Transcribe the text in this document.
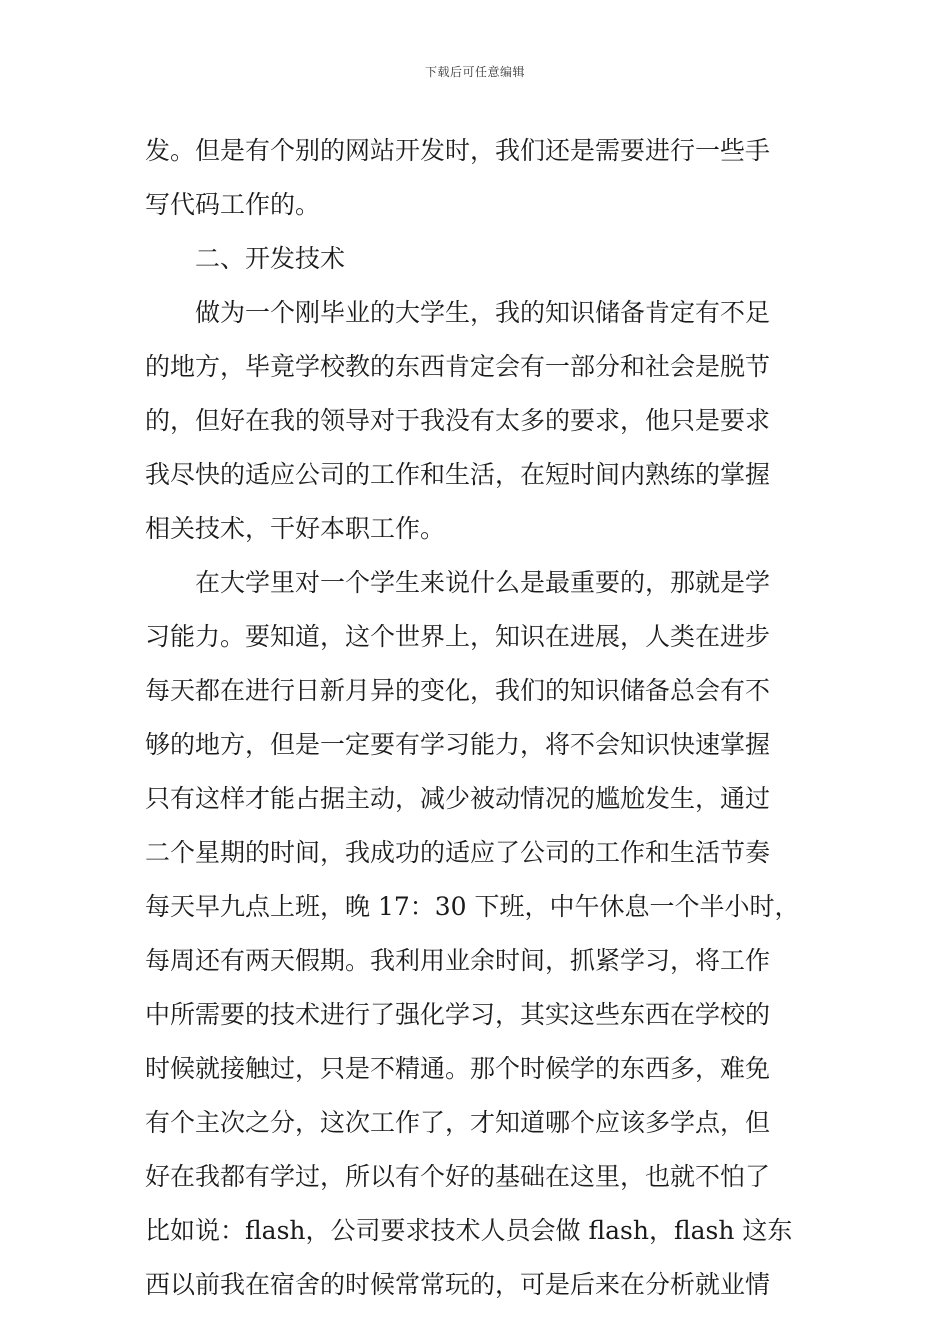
下载后可任意编辑
发。但是有个别的网站开发时，我们还是需要进行一些手
写代码工作的。
　　二、开发技术
　　做为一个刚毕业的大学生，我的知识储备肯定有不足
的地方，毕竟学校教的东西肯定会有一部分和社会是脱节
的，但好在我的领导对于我没有太多的要求，他只是要求
我尽快的适应公司的工作和生活，在短时间内熟练的掌握
相关技术，干好本职工作。
　　在大学里对一个学生来说什么是最重要的，那就是学
习能力。要知道，这个世界上，知识在进展，人类在进步
每天都在进行日新月异的变化，我们的知识储备总会有不
够的地方，但是一定要有学习能力，将不会知识快速掌握
只有这样才能占据主动，减少被动情况的尴尬发生，通过
二个星期的时间，我成功的适应了公司的工作和生活节奏
每天早九点上班，晚 17：30 下班，中午休息一个半小时，
每周还有两天假期。我利用业余时间，抓紧学习，将工作
中所需要的技术进行了强化学习，其实这些东西在学校的
时候就接触过，只是不精通。那个时候学的东西多，难免
有个主次之分，这次工作了，才知道哪个应该多学点，但
好在我都有学过，所以有个好的基础在这里，也就不怕了
比如说：flash，公司要求技术人员会做 flash，flash 这东
西以前我在宿舍的时候常常玩的，可是后来在分析就业情
